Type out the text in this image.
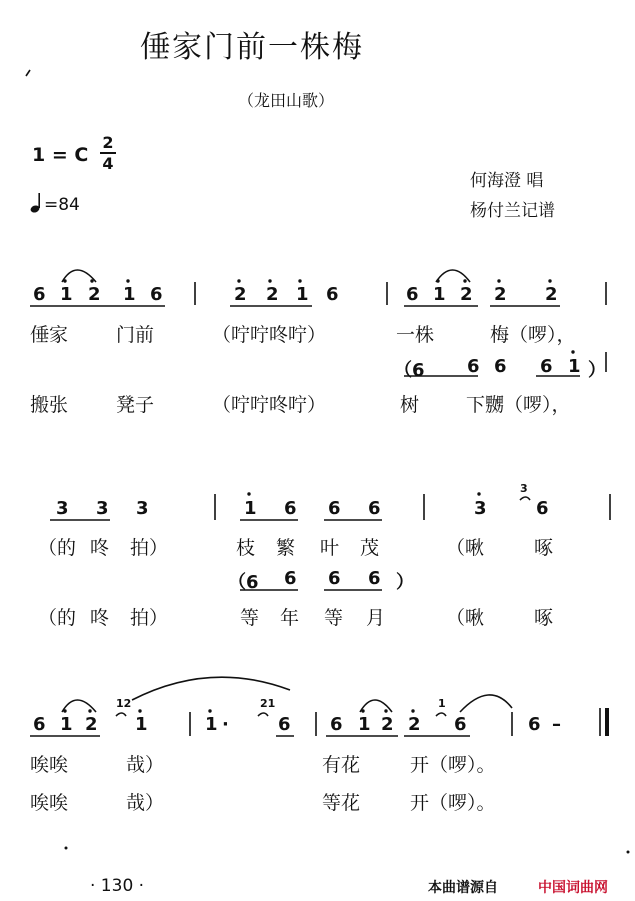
倕家门前一株梅
（龙田山歌）
1 = C
2
4
=84
何海澄 唱
杨付兰记谱
6 1 2 1 6	2 2 1 6	6 1 2 2 2
倕家	门前	（咛咛咚咛）	一株	梅（啰），
（6 6 6 6 1 ）
搬张	凳子	（咛咛咚咛）	树 下嬲（啰），
3 3 3	1 6 6 6	3
3
6
（的 咚 拍）	枝 繁 叶 茂	（啾	啄
（6 6 6 6 ）
（的 咚 拍）	等 年 等 月	（啾	啄
6 1 2
12
1	1 ·
21
6 6 1 2 2
1
6	6 –
唉唉	哉）	有花	开（啰）。
唉唉	哉）	等花	开（啰）。
· 130 ·	本曲谱源自	中国词曲网
